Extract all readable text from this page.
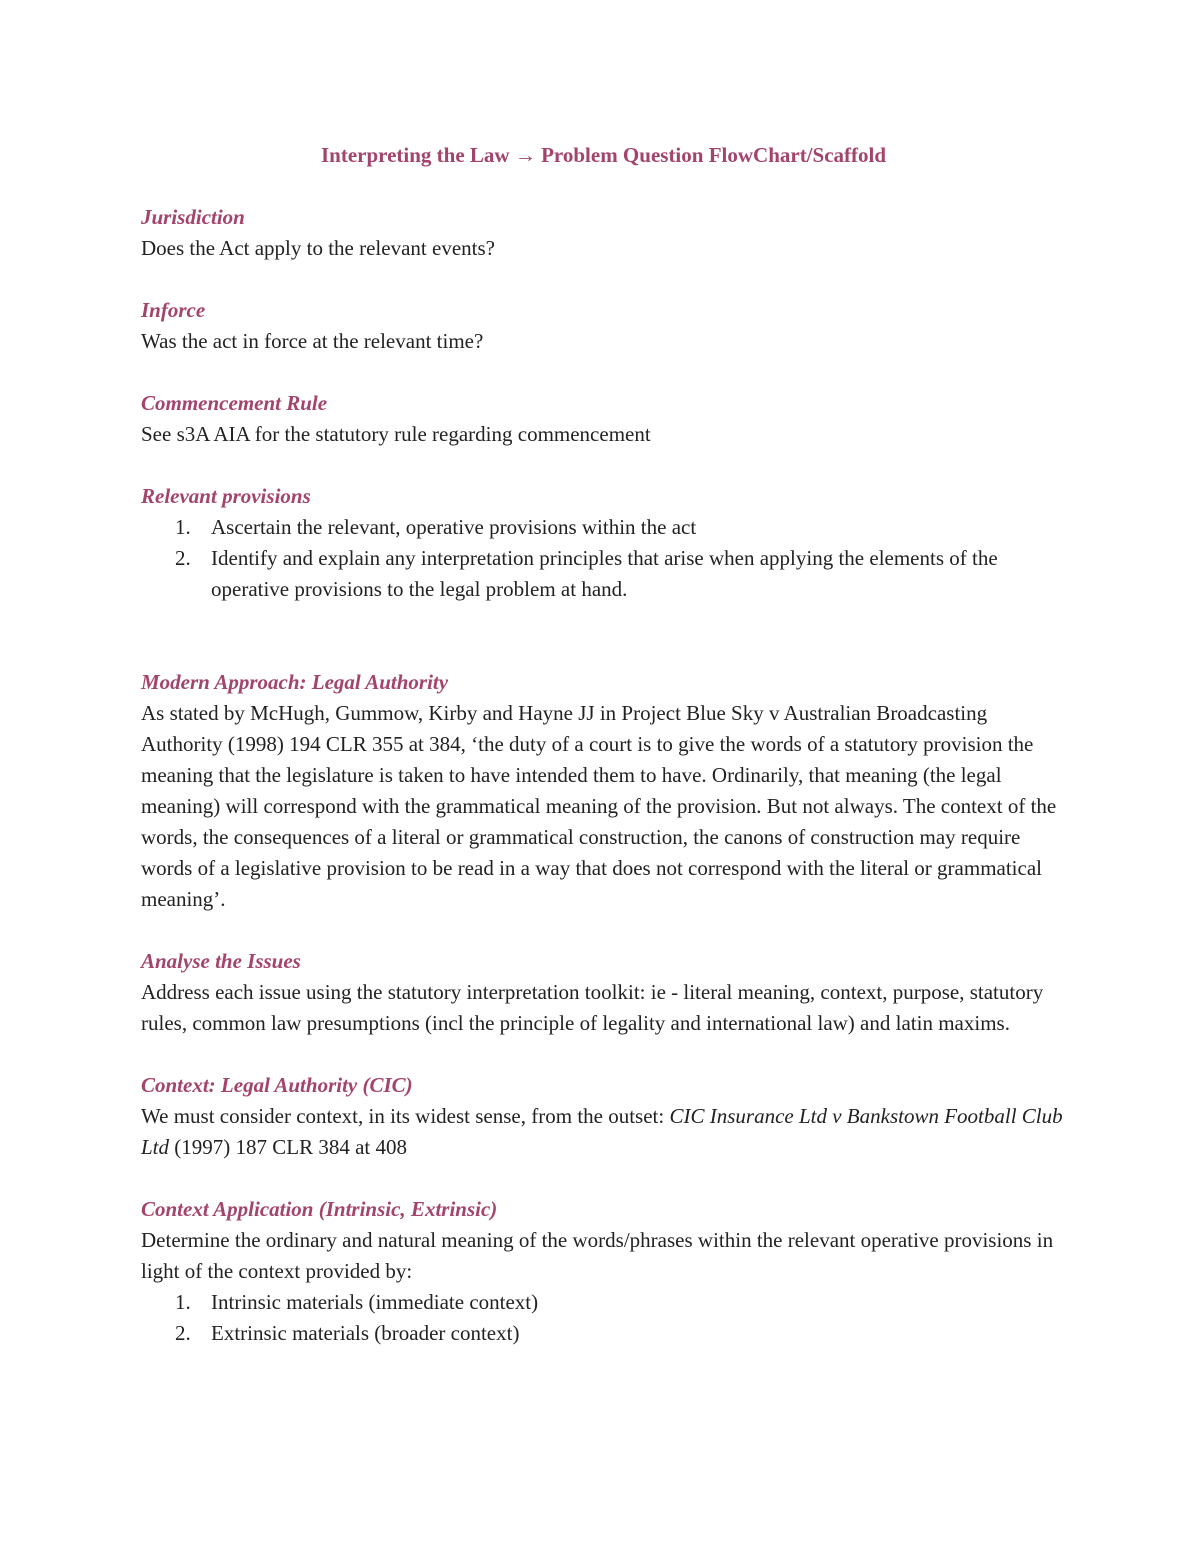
Interpreting the Law → Problem Question FlowChart/Scaffold

Jurisdiction

Does the Act apply to the relevant events?

Inforce

Was the act in force at the relevant time?

Commencement Rule

See s3A AIA for the statutory rule regarding commencement

Relevant provisions

1. Ascertain the relevant, operative provisions within the act
2. Identify and explain any interpretation principles that arise when applying the elements of the operative provisions to the legal problem at hand.

Modern Approach: Legal Authority

As stated by McHugh, Gummow, Kirby and Hayne JJ in Project Blue Sky v Australian Broadcasting Authority (1998) 194 CLR 355 at 384, ‘the duty of a court is to give the words of a statutory provision the meaning that the legislature is taken to have intended them to have. Ordinarily, that meaning (the legal meaning) will correspond with the grammatical meaning of the provision. But not always. The context of the words, the consequences of a literal or grammatical construction, the canons of construction may require words of a legislative provision to be read in a way that does not correspond with the literal or grammatical meaning’.

Analyse the Issues

Address each issue using the statutory interpretation toolkit: ie - literal meaning, context, purpose, statutory rules, common law presumptions (incl the principle of legality and international law) and latin maxims.

Context: Legal Authority (CIC)

We must consider context, in its widest sense, from the outset: CIC Insurance Ltd v Bankstown Football Club Ltd (1997) 187 CLR 384 at 408

Context Application (Intrinsic, Extrinsic)

Determine the ordinary and natural meaning of the words/phrases within the relevant operative provisions in light of the context provided by:

1. Intrinsic materials (immediate context)
2. Extrinsic materials (broader context)
